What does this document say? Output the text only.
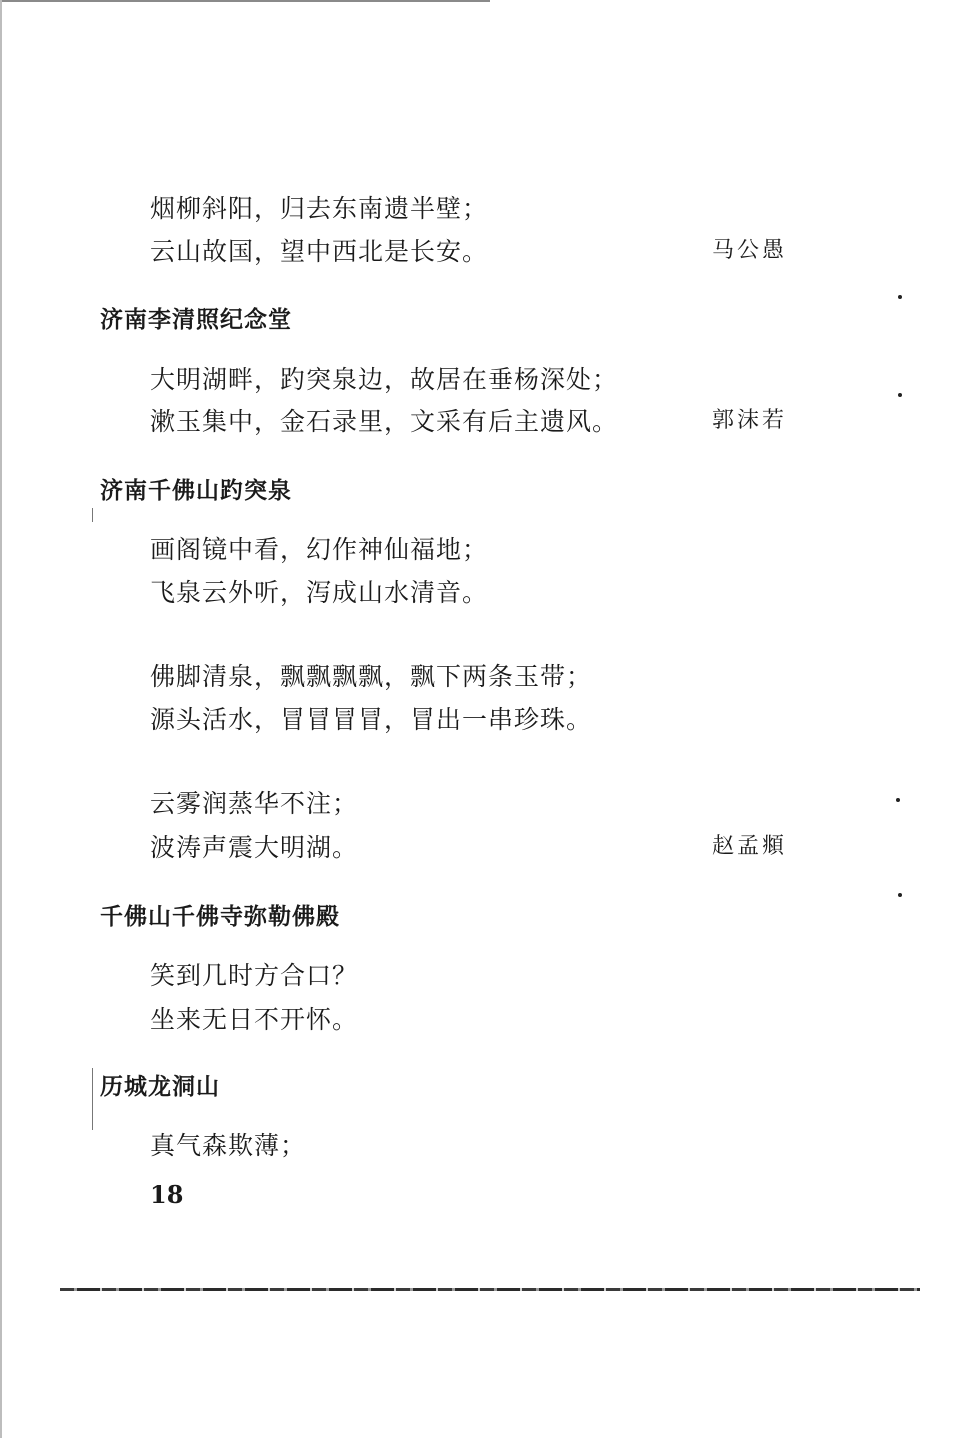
烟柳斜阳，归去东南遗半壁；
云山故国，望中西北是长安。	马公愚
济南李清照纪念堂
大明湖畔，趵突泉边，故居在垂杨深处；
漱玉集中，金石录里，文采有后主遗风。	郭沫若
济南千佛山趵突泉
画阁镜中看，幻作神仙福地；
飞泉云外听，泻成山水清音。
佛脚清泉，飘飘飘飘，飘下两条玉带；
源头活水，冒冒冒冒，冒出一串珍珠。
云雾润蒸华不注；
波涛声震大明湖。	赵孟頫
千佛山千佛寺弥勒佛殿
笑到几时方合口？
坐来无日不开怀。
历城龙洞山
真气森欺薄；
18
